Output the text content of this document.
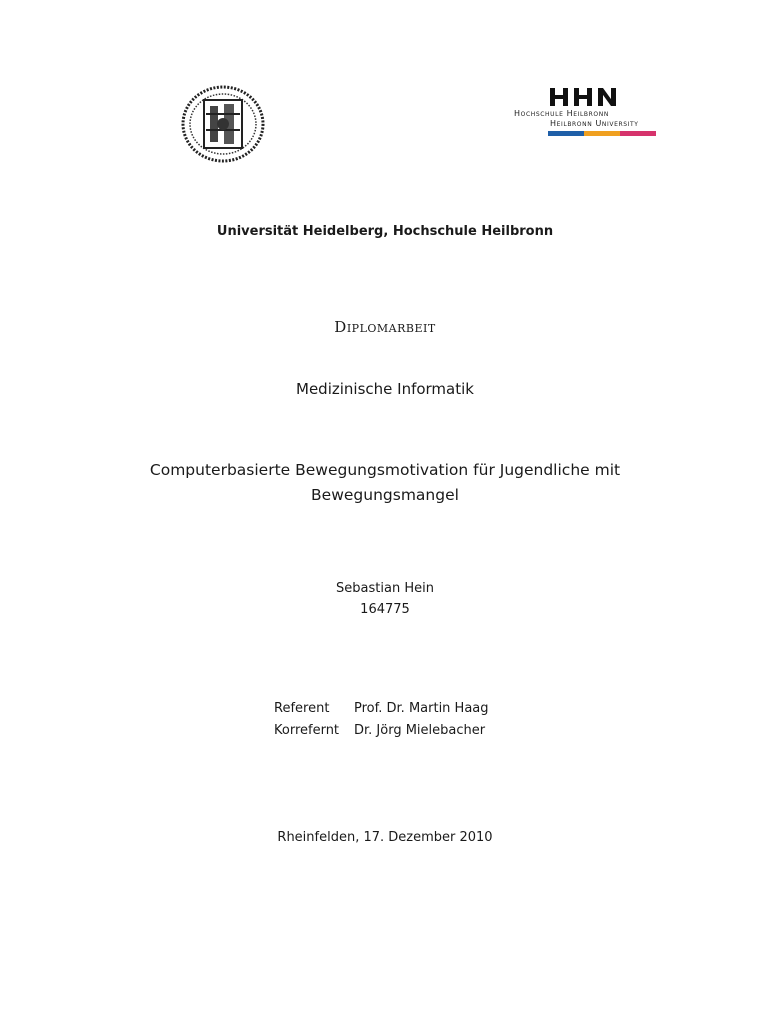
Hochschule Heilbronn
Heilbronn University
Universität Heidelberg, Hochschule Heilbronn
Diplomarbeit
Medizinische Informatik
Computerbasierte Bewegungsmotivation für Jugendliche mit
Bewegungsmangel
Sebastian Hein
164775
Referent	Prof. Dr. Martin Haag
Korrefernt	Dr. Jörg Mielebacher
Rheinfelden, 17. Dezember 2010
